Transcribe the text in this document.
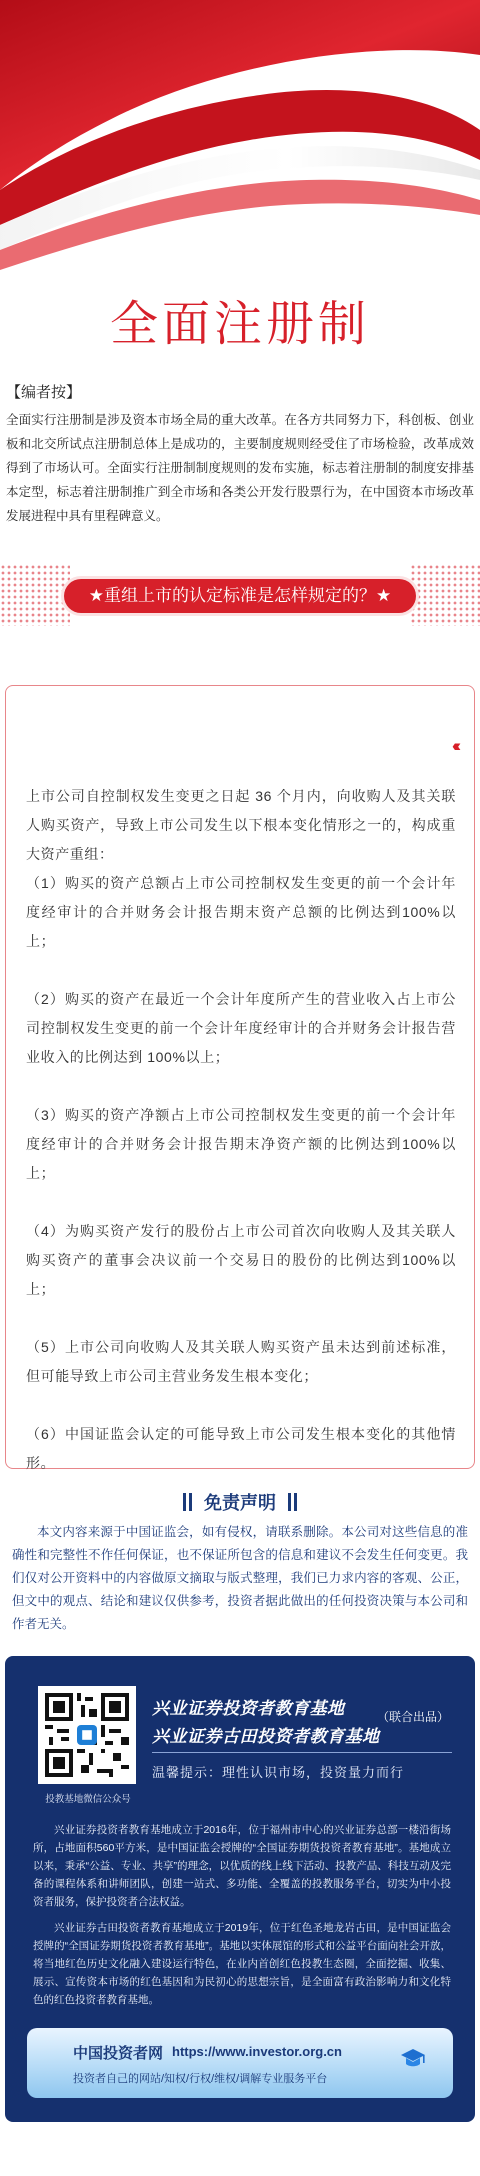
全面注册制
【编者按】
全面实行注册制是涉及资本市场全局的重大改革。在各方共同努力下，科创板、创业板和北交所试点注册制总体上是成功的，主要制度规则经受住了市场检验，改革成效得到了市场认可。全面实行注册制制度规则的发布实施，标志着注册制的制度安排基本定型，标志着注册制推广到全市场和各类公开发行股票行为，在中国资本市场改革发展进程中具有里程碑意义。
★重组上市的认定标准是怎样规定的？★
‹‹‹‹‹‹

上市公司自控制权发生变更之日起 36 个月内，向收购人及其关联人购买资产，导致上市公司发生以下根本变化情形之一的，构成重大资产重组：

（1）购买的资产总额占上市公司控制权发生变更的前一个会计年度经审计的合并财务会计报告期末资产总额的比例达到100%以上；

（2）购买的资产在最近一个会计年度所产生的营业收入占上市公司控制权发生变更的前一个会计年度经审计的合并财务会计报告营业收入的比例达到 100%以上；

（3）购买的资产净额占上市公司控制权发生变更的前一个会计年度经审计的合并财务会计报告期末净资产额的比例达到100%以上；

（4）为购买资产发行的股份占上市公司首次向收购人及其关联人购买资产的董事会决议前一个交易日的股份的比例达到100%以上；

（5）上市公司向收购人及其关联人购买资产虽未达到前述标准，但可能导致上市公司主营业务发生根本变化；

（6）中国证监会认定的可能导致上市公司发生根本变化的其他情形。

免责声明
本文内容来源于中国证监会，如有侵权，请联系删除。本公司对这些信息的准确性和完整性不作任何保证，也不保证所包含的信息和建议不会发生任何变更。我们仅对公开资料中的内容做原文摘取与版式整理，我们已力求内容的客观、公正，但文中的观点、结论和建议仅供参考，投资者据此做出的任何投资决策与本公司和作者无关。
投教基地微信公众号
兴业证券投资者教育基地
兴业证券古田投资者教育基地
（联合出品）
温馨提示：理性认识市场，投资量力而行
兴业证券投资者教育基地成立于2016年，位于福州市中心的兴业证券总部一楼沿街场所，占地面积560平方米，是中国证监会授牌的“全国证券期货投资者教育基地”。基地成立以来，秉承“公益、专业、共享”的理念，以优质的线上线下活动、投教产品、科技互动及完备的课程体系和讲师团队，创建一站式、多功能、全覆盖的投教服务平台，切实为中小投资者服务，保护投资者合法权益。
兴业证券古田投资者教育基地成立于2019年，位于红色圣地龙岩古田，是中国证监会授牌的“全国证券期货投资者教育基地”。基地以实体展馆的形式和公益平台面向社会开放，将当地红色历史文化融入建设运行特色，在业内首创红色投教生态圈，全面挖掘、收集、展示、宣传资本市场的红色基因和为民初心的思想宗旨，是全面富有政治影响力和文化特色的红色投资者教育基地。
中国投资者网 https://www.investor.org.cn
投资者自己的网站/知权/行权/维权/调解专业服务平台
